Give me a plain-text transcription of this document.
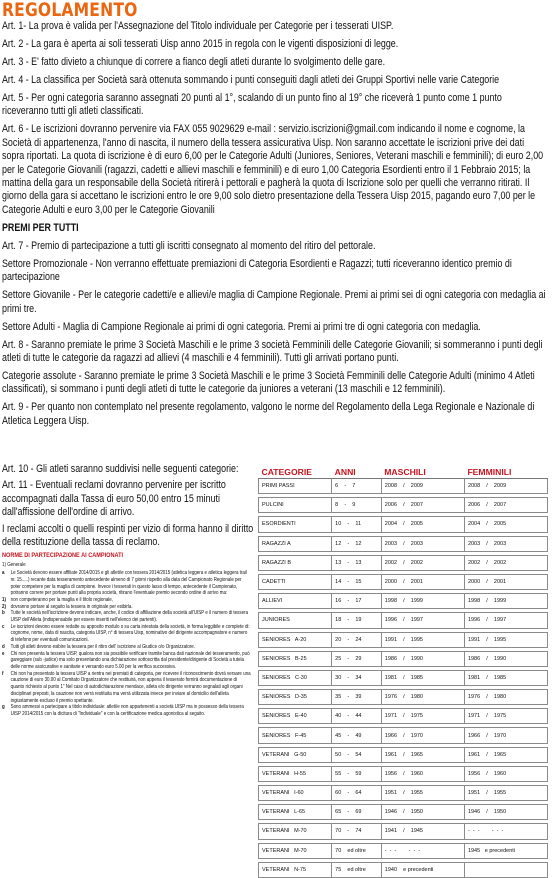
REGOLAMENTO

Art. 1- La prova è valida per l'Assegnazione del Titolo individuale per Categorie per i tesserati UISP.

Art. 2 - La gara è aperta ai soli tesserati Uisp anno 2015 in regola con le vigenti disposizioni di legge.

Art. 3 - E' fatto divieto a chiunque di correre a fianco degli atleti durante lo svolgimento delle gare.

Art. 4 - La classifica per Società sarà ottenuta sommando i punti conseguiti dagli atleti dei Gruppi Sportivi nelle varie Categorie

Art. 5 - Per ogni categoria saranno assegnati 20 punti al 1°, scalando di un punto fino al 19° che riceverà 1 punto come 1 punto riceveranno tutti gli atleti classificati.

Art. 6 - Le iscrizioni dovranno pervenire via FAX 055 9029629 e-mail : servizio.iscrizioni@gmail.com indicando il nome e cognome, la Società di appartenenza, l'anno di nascita, il numero della tessera assicurativa Uisp. Non saranno accettate le iscrizioni prive dei dati sopra riportati. La quota di iscrizione è di euro 6,00 per le Categorie Adulti (Juniores, Seniores, Veterani maschili e femminili); di euro 2,00 per le Categorie Giovanili (ragazzi, cadetti e allievi maschili e femminili) e di euro 1,00 Categoria Esordienti entro il 1 Febbraio 2015; la mattina della gara un responsabile della Società ritirerà i pettorali e pagherà la quota di Iscrizione solo per quelli che verranno ritirati. Il giorno della gara si accettano le iscrizioni entro le ore 9,00 solo dietro presentazione della Tessera Uisp 2015, pagando euro 7,00 per le Categorie Adulti e euro 3,00 per le Categorie Giovanili

PREMI PER TUTTI

Art. 7 - Premio di partecipazione a tutti gli iscritti consegnato al momento del ritiro del pettorale.

Settore Promozionale - Non verranno effettuate premiazioni di Categoria Esordienti e Ragazzi; tutti riceveranno identico premio di partecipazione

Settore Giovanile - Per le categorie cadetti/e e allievi/e maglia di Campione Regionale. Premi ai primi sei di ogni categoria con medaglia ai primi tre.

Settore Adulti - Maglia di Campione Regionale ai primi di ogni categoria. Premi ai primi tre di ogni categoria con medaglia.

Art. 8 - Saranno premiate le prime 3 Società Maschili e le prime 3 società Femminili delle Categorie Giovanili; si sommeranno i punti degli atleti di tutte le categorie da ragazzi ad allievi (4 maschili e 4 femminili). Tutti gli arrivati portano punti.

Categorie assolute - Saranno premiate le prime 3 Società Maschili e le prime 3 Società Femminili delle Categorie Adulti (minimo 4 Atleti classificati), si sommano i punti degli atleti di tutte le categorie da juniores a veterani (13 maschili e 12 femminili).

Art. 9 - Per quanto non contemplato nel presente regolamento, valgono le norme del Regolamento della Lega Regionale e Nazionale di Atletica Leggera Uisp.

Art. 10 - Gli atleti saranno suddivisi nelle seguenti categorie:

Art. 11 - Eventuali reclami dovranno pervenire per iscritto accompagnati dalla Tassa di euro 50,00 entro 15 minuti dall'affissione dell'ordine di arrivo.

I reclami accolti o quelli respinti per vizio di forma hanno il diritto della restituzione della tassa di reclamo.

NORME DI PARTECIPAZIONE AI CAMPIONATI
1) Generale
a	Le Società devono essere affiliate 2014/2015 e gli atleti/e con tessera 2014/2015 (atletica leggera e atletica leggera trail nr. 15.....) recante data tesseramento antecedente almeno di 7 giorni rispetto alla data del Campionato Regionale per poter competere per la maglia di campione. Invece i tesserati in questo lasso di tempo, antecedente il Campionato, potranno correre per portare punti alla propria società, ritirano l'eventuale premio secondo ordine di arrivo ma:
1) non competeranno per la maglia e il titolo regionale,
2) dovranno portare al seguito la tessera in originale per esibirla.
b	Tutte le società nell'iscrizione devono indicare, anche, il codice di affiliazione della società all'UISP e il numero di tessera UISP dell'Atleta (indispensabile per essere inseriti nell'elenco dei partenti).
c	Le iscrizioni devono essere redatte su apposito modulo o su carta intestata della società, in forma leggibile e complete di: cognome, nome, data di nascita, categoria UISP, n° di tessera Uisp, nominativo del dirigente accompagnatore e numero di telefono per eventuali comunicazioni.
d	Tutti gli atleti devono esibire la tessera per il ritiro dell' iscrizione al Giudice o/o Organizzatore.
e	Chi non presenta la tessera UISP, qualora non sia possibile verificare tramite banca dati nazionale del tesseramento, può gareggiare (sub -judice) ma solo presentando una dichiarazione sottoscritta dal presidente/dirigente di Società a tutela delle norme assicurative e sanitarie e versando euro 5.00 per la verifica successiva.
f	Chi non ha presentato la tessera UISP a rientra nei premiati di categoria, per ricevere il riconoscimento dovrà versare una cauzione di euro 30.00 al Comitato Organizzatore che restituirà, non appena il tesserato fornirà documentazione di quanto richiesto al punto 1" Nel caso di autodichiarazione mendace, atleta e/o dirigente verranno segnalati agli organi disciplinari preposti, la cauzione non verrà restituita ma verrà utilizzata invece per inviare al domicilio dell'atleta ingiustamente escluso il premio spettante.
g	Sono ammessi a partecipare a titolo individuale: atleti/e non appartenenti a società UISP ma in possesso della tessera UISP 2014/2015 con la dicitura di "Individuale" e con la certificazione medica agonistica al seguito.
CATEGORIE	ANNI	MASCHILI	FEMMINILI
PRIMI PASSI	6    -    7	2008    /    2009	2008    /    2009

PULCINI	8    -    9	2006    /    2007	2006    /    2007

ESORDIENTI	10    -    11	2004    /    2005	2004    /    2005

RAGAZZI A	12    -    12	2003    /    2003	2003    /    2003

RAGAZZI B	13    -    13	2002    /    2002	2002    /    2002

CADETTI	14    -    15	2000    /    2001	2000    /    2001

ALLIEVI	16    -    17	1998    /    1999	1998    /    1999

JUNIORES	18    -    19	1996    /    1997	1996    /    1997

SENIORES   A-20	20    -    24	1991    /    1995	1991    /    1995

SENIORES   B-25	25    -    29	1986    /    1990	1986    /    1990

SENIORES   C-30	30    -    34	1981    /    1985	1981    /    1985

SENIORES   D-35	35    -    39	1976    /    1980	1976    /    1980

SENIORES   E-40	40    -    44	1971    /    1975	1971    /    1975

SENIORES   F-45	45    -    49	1966    /    1970	1966    /    1970

VETERANI   G-50	50    -    54	1961    /    1965	1961    /    1965

VETERANI   H-55	55    -    59	1956    /    1960	1956    /    1960

VETERANI   I-60	60    -    64	1951    /    1955	1951    /    1955

VETERANI   L-65	65    -    69	1946    /    1950	1946    /    1950

VETERANI   M-70	70    -    74	1941    /    1945	-  -  -        -  -  -

VETERANI   M-70	70    ed oltre	-  -  -        -  -  -	1945   e precedenti

VETERANI   N-75	75    ed oltre	1940    e precedenti	
